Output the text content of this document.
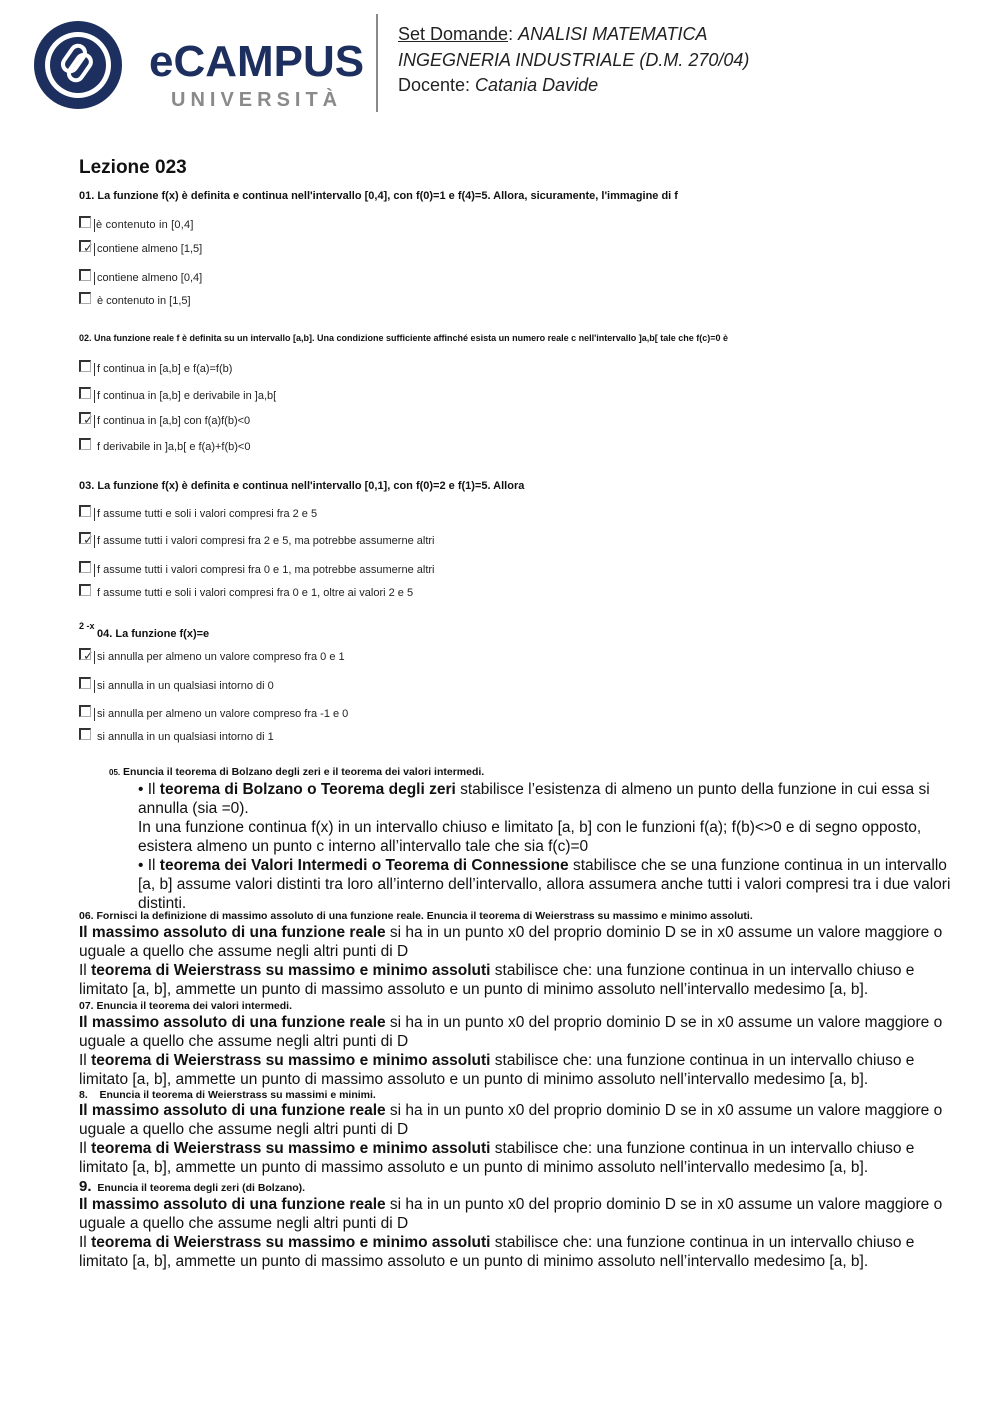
eCAMPUS
UNIVERSITÀ
Set Domande: ANALISI MATEMATICA INGEGNERIA INDUSTRIALE (D.M. 270/04) Docente: Catania Davide
Lezione 023
01. La funzione f(x) è definita e continua nell'intervallo [0,4], con f(0)=1 e f(4)=5. Allora, sicuramente, l'immagine di f
è contenuto in [0,4]
contiene almeno [1,5]
✓
contiene almeno [0,4]
è contenuto in [1,5]
02. Una funzione reale f è definita su un intervallo [a,b]. Una condizione sufficiente affinché esista un numero reale c nell'intervallo ]a,b[ tale che f(c)=0 è
f continua in [a,b] e f(a)=f(b)
f continua in [a,b] e derivabile in ]a,b[
f continua in [a,b] con f(a)f(b)<0
✓
f derivabile in ]a,b[ e f(a)+f(b)<0
03. La funzione f(x) è definita e continua nell'intervallo [0,1], con f(0)=2 e f(1)=5. Allora
f assume tutti e soli i valori compresi fra 2 e 5
f assume tutti i valori compresi fra 2 e 5, ma potrebbe assumerne altri
✓
f assume tutti i valori compresi fra 0 e 1, ma potrebbe assumerne altri
f assume tutti e soli i valori compresi fra 0 e 1, oltre ai valori 2 e 5
2 -x
04. La funzione f(x)=e
si annulla per almeno un valore compreso fra 0 e 1
✓
si annulla in un qualsiasi intorno di 0
si annulla per almeno un valore compreso fra -1 e 0
si annulla in un qualsiasi intorno di 1
05. Enuncia il teorema di Bolzano degli zeri e il teorema dei valori intermedi.
• Il teorema di Bolzano o Teorema degli zeri stabilisce l’esistenza di almeno un punto della funzione in cui essa si annulla (sia =0).
In una funzione continua f(x) in un intervallo chiuso e limitato [a, b] con le funzioni f(a); f(b)<>0 e di segno opposto, esistera almeno un punto c interno all’intervallo tale che sia f(c)=0
• Il teorema dei Valori Intermedi o Teorema di Connessione stabilisce che se una funzione continua in un intervallo [a, b] assume valori distinti tra loro all’interno dell’intervallo, allora assumera anche tutti i valori compresi tra i due valori distinti.
06. Fornisci la definizione di massimo assoluto di una funzione reale. Enuncia il teorema di Weierstrass su massimo e minimo assoluti.
Il massimo assoluto di una funzione reale si ha in un punto x0 del proprio dominio D se in x0 assume un valore maggiore o uguale a quello che assume negli altri punti di D
Il teorema di Weierstrass su massimo e minimo assoluti stabilisce che: una funzione continua in un intervallo chiuso e limitato [a, b], ammette un punto di massimo assoluto e un punto di minimo assoluto nell’intervallo medesimo [a, b].
07. Enuncia il teorema dei valori intermedi.
Il massimo assoluto di una funzione reale si ha in un punto x0 del proprio dominio D se in x0 assume un valore maggiore o uguale a quello che assume negli altri punti di D
Il teorema di Weierstrass su massimo e minimo assoluti stabilisce che: una funzione continua in un intervallo chiuso e limitato [a, b], ammette un punto di massimo assoluto e un punto di minimo assoluto nell’intervallo medesimo [a, b].
8. Enuncia il teorema di Weierstrass su massimi e minimi.
Il massimo assoluto di una funzione reale si ha in un punto x0 del proprio dominio D se in x0 assume un valore maggiore o uguale a quello che assume negli altri punti di D
Il teorema di Weierstrass su massimo e minimo assoluti stabilisce che: una funzione continua in un intervallo chiuso e limitato [a, b], ammette un punto di massimo assoluto e un punto di minimo assoluto nell’intervallo medesimo [a, b].
9. Enuncia il teorema degli zeri (di Bolzano).
Il massimo assoluto di una funzione reale si ha in un punto x0 del proprio dominio D se in x0 assume un valore maggiore o uguale a quello che assume negli altri punti di D
Il teorema di Weierstrass su massimo e minimo assoluti stabilisce che: una funzione continua in un intervallo chiuso e limitato [a, b], ammette un punto di massimo assoluto e un punto di minimo assoluto nell’intervallo medesimo [a, b].
